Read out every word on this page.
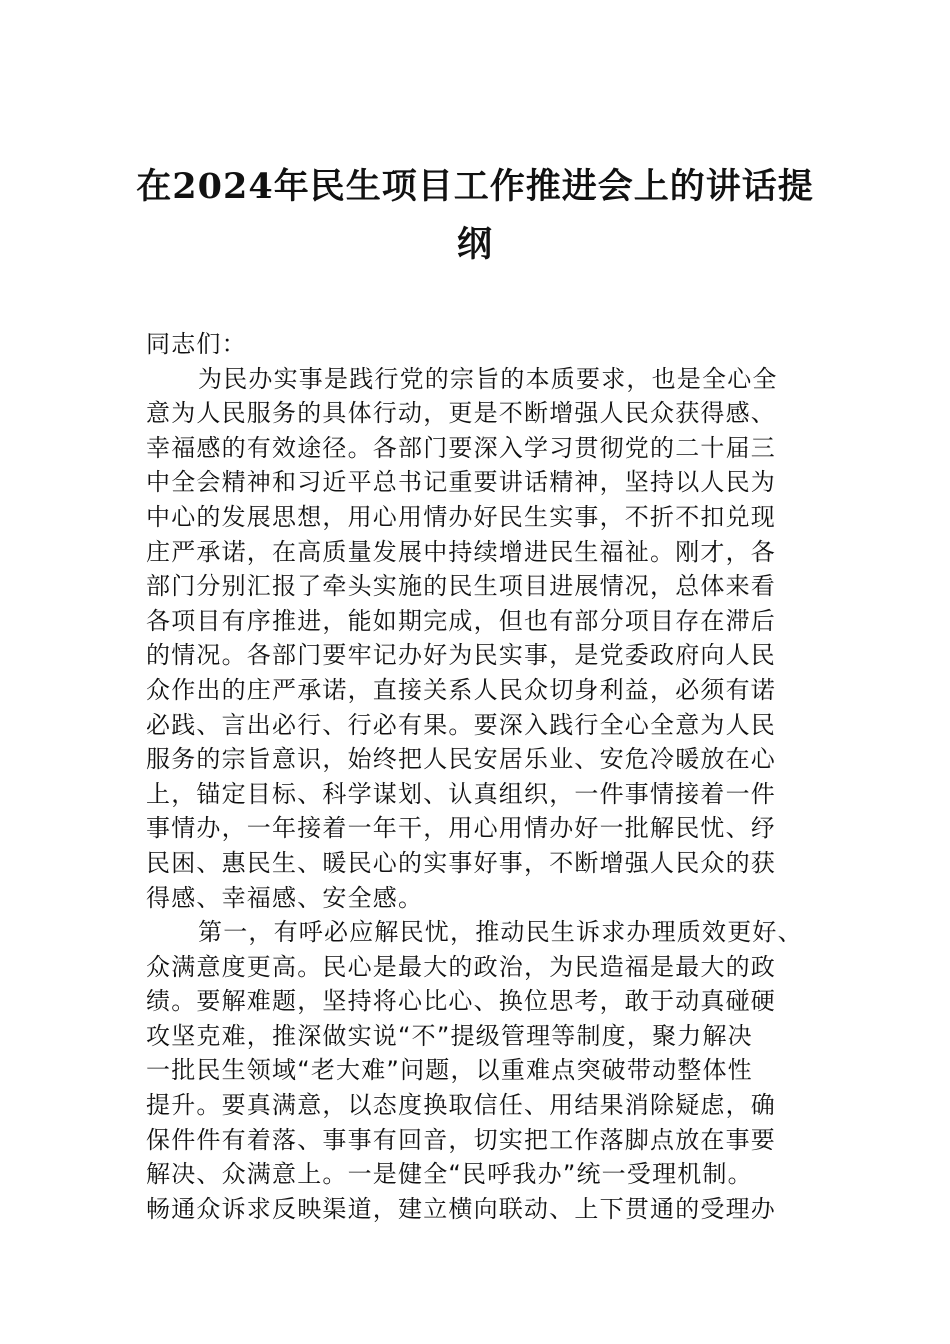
在2024年民生项目工作推进会上的讲话提
纲
同志们：
为民办实事是践行党的宗旨的本质要求，也是全心全
意为人民服务的具体行动，更是不断增强人民众获得感、
幸福感的有效途径。各部门要深入学习贯彻党的二十届三
中全会精神和习近平总书记重要讲话精神，坚持以人民为
中心的发展思想，用心用情办好民生实事，不折不扣兑现
庄严承诺，在高质量发展中持续增进民生福祉。刚才，各
部门分别汇报了牵头实施的民生项目进展情况，总体来看
各项目有序推进，能如期完成，但也有部分项目存在滞后
的情况。各部门要牢记办好为民实事，是党委政府向人民
众作出的庄严承诺，直接关系人民众切身利益，必须有诺
必践、言出必行、行必有果。要深入践行全心全意为人民
服务的宗旨意识，始终把人民安居乐业、安危冷暖放在心
上，锚定目标、科学谋划、认真组织，一件事情接着一件
事情办，一年接着一年干，用心用情办好一批解民忧、纾
民困、惠民生、暖民心的实事好事，不断增强人民众的获
得感、幸福感、安全感。
第一，有呼必应解民忧，推动民生诉求办理质效更好、
众满意度更高。民心是最大的政治，为民造福是最大的政
绩。要解难题，坚持将心比心、换位思考，敢于动真碰硬
攻坚克难，推深做实说“不”提级管理等制度，聚力解决
一批民生领域“老大难”问题，以重难点突破带动整体性
提升。要真满意，以态度换取信任、用结果消除疑虑，确
保件件有着落、事事有回音，切实把工作落脚点放在事要
解决、众满意上。一是健全“民呼我办”统一受理机制。
畅通众诉求反映渠道，建立横向联动、上下贯通的受理办
